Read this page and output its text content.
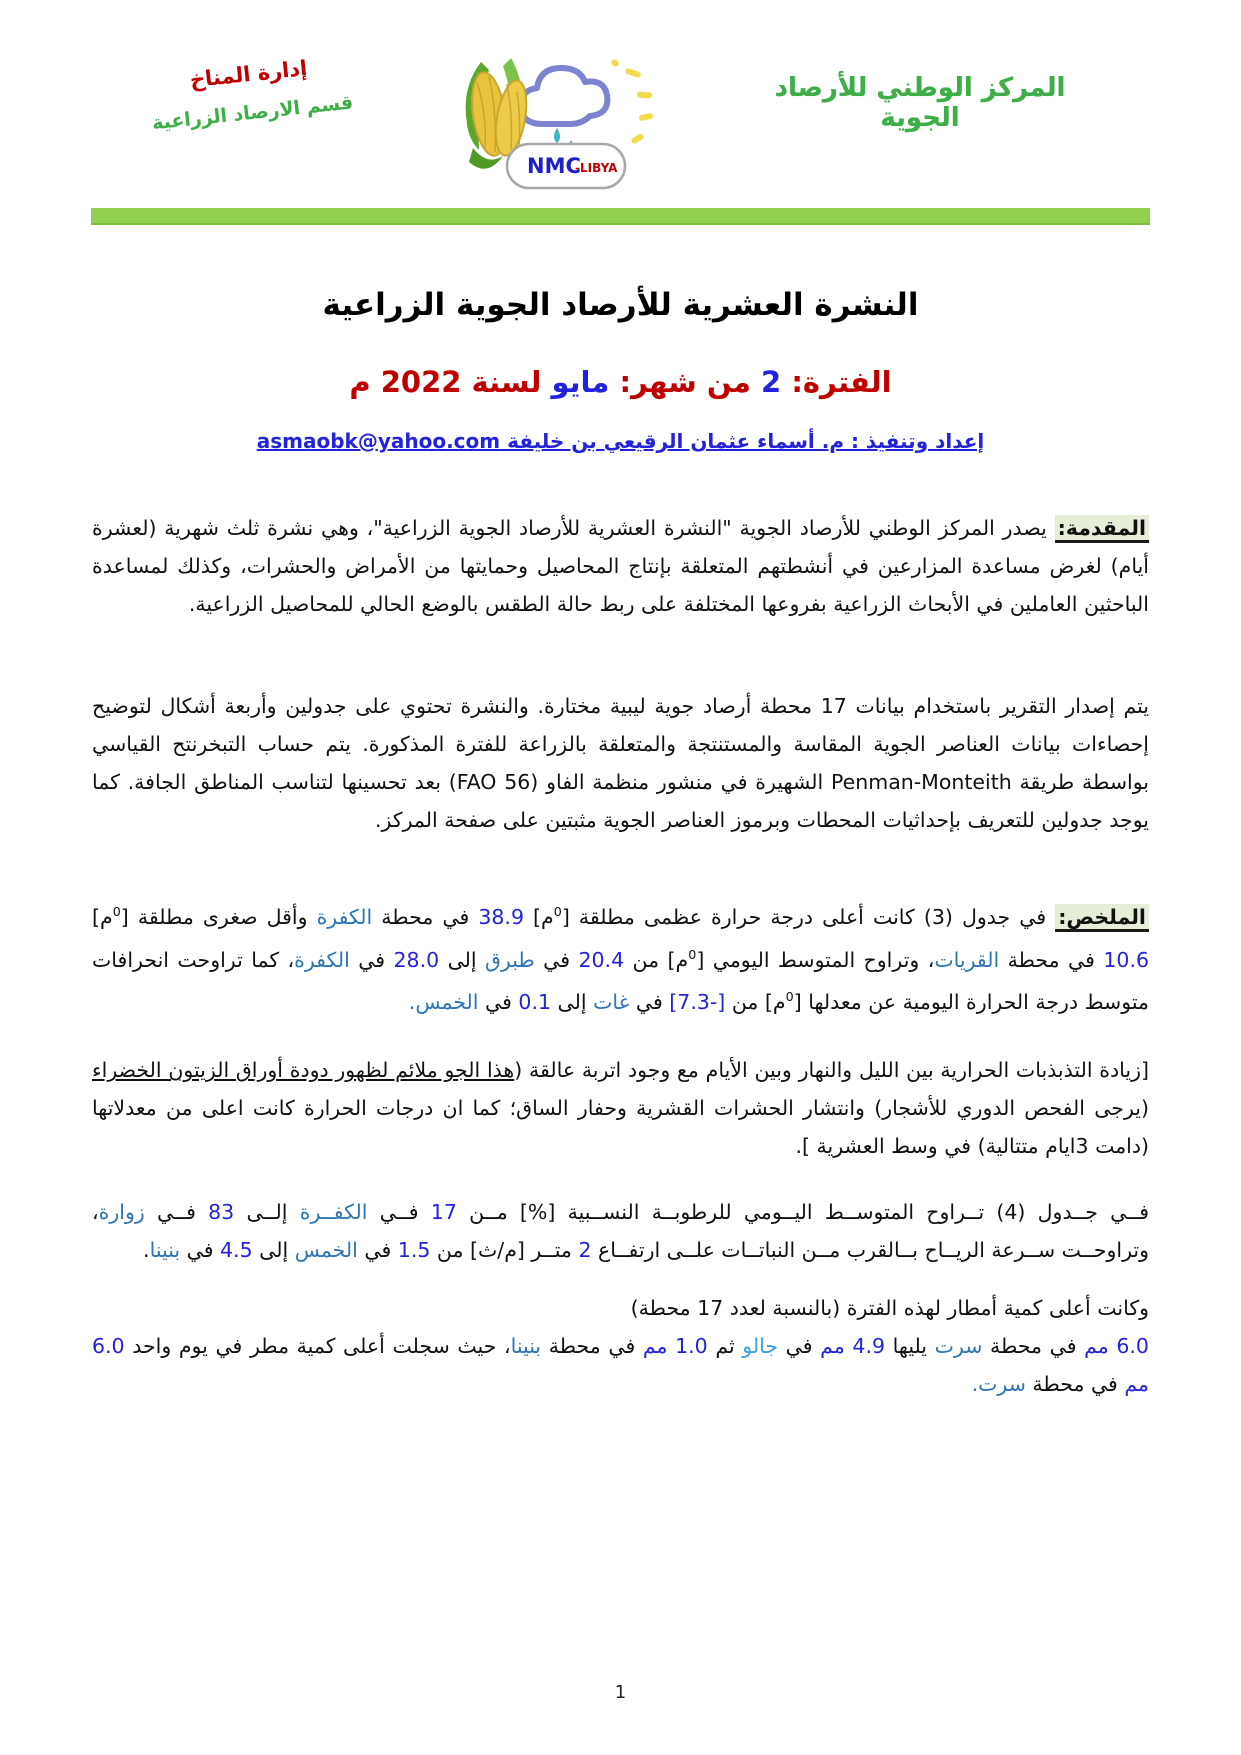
إدارة المناخ
قسم الارصاد الزراعية
NMC
-LIBYA
المركز الوطني للأرصاد الجوية
النشرة العشرية للأرصاد الجوية الزراعية
الفترة: 2 من شهر: مايو لسنة 2022 م
إعداد وتنفيذ : م. أسماء عثمان الرقيعي بن خليفة asmaobk@yahoo.com

المقدمة: يصدر المركز الوطني للأرصاد الجوية "النشرة العشرية للأرصاد الجوية الزراعية"، وهي نشرة ثلث شهرية (لعشرة أيام) لغرض مساعدة المزارعين في أنشطتهم المتعلقة بإنتاج المحاصيل وحمايتها من الأمراض والحشرات، وكذلك لمساعدة الباحثين العاملين في الأبحاث الزراعية بفروعها المختلفة على ربط حالة الطقس بالوضع الحالي للمحاصيل الزراعية.

يتم إصدار التقرير باستخدام بيانات 17 محطة أرصاد جوية ليبية مختارة. والنشرة تحتوي على جدولين وأربعة أشكال لتوضيح إحصاءات بيانات العناصر الجوية المقاسة والمستنتجة والمتعلقة بالزراعة للفترة المذكورة. يتم حساب التبخرنتح القياسي بواسطة طريقة Penman-Monteith الشهيرة في منشور منظمة الفاو (FAO 56) بعد تحسينها لتناسب المناطق الجافة. كما يوجد جدولين للتعريف بإحداثيات المحطات وبرموز العناصر الجوية مثبتين على صفحة المركز.

الملخص: في جدول (3) كانت أعلى درجة حرارة عظمى مطلقة [$^0$م] 38.9 في محطة الكفرة وأقل صغرى مطلقة [$^0$م] 10.6 في محطة القريات، وتراوح المتوسط اليومي [$^0$م] من 20.4 في طبرق إلى 28.0 في الكفرة، كما تراوحت انحرافات متوسط درجة الحرارة اليومية عن معدلها [$^0$م] من [-7.3] في غات إلى 0.1 في الخمس.

[زيادة التذبذبات الحرارية بين الليل والنهار وبين الأيام مع وجود اتربة عالقة (هذا الجو ملائم لظهور دودة أوراق الزيتون الخضراء (يرجى الفحص الدوري للأشجار) وانتشار الحشرات القشرية وحفار الساق؛ كما ان درجات الحرارة كانت اعلى من معدلاتها (دامت 3ايام متتالية) في وسط العشرية ].

فــي جــدول (4) تــراوح المتوســط اليــومي للرطوبــة النســبية [%] مــن 17 فــي الكفــرة إلــى 83 فــي زوارة، وتراوحــت ســرعة الريــاح بــالقرب مــن النباتــات علــى ارتفــاع 2 متــر [م/ث] من 1.5 في الخمس إلى 4.5 في بنينا.

وكانت أعلى كمية أمطار لهذه الفترة (بالنسبة لعدد 17 محطة)
6.0 مم في محطة سرت يليها 4.9 مم في جالو ثم 1.0 مم في محطة بنينا، حيث سجلت أعلى كمية مطر في يوم واحد 6.0 مم في محطة سرت.

1
